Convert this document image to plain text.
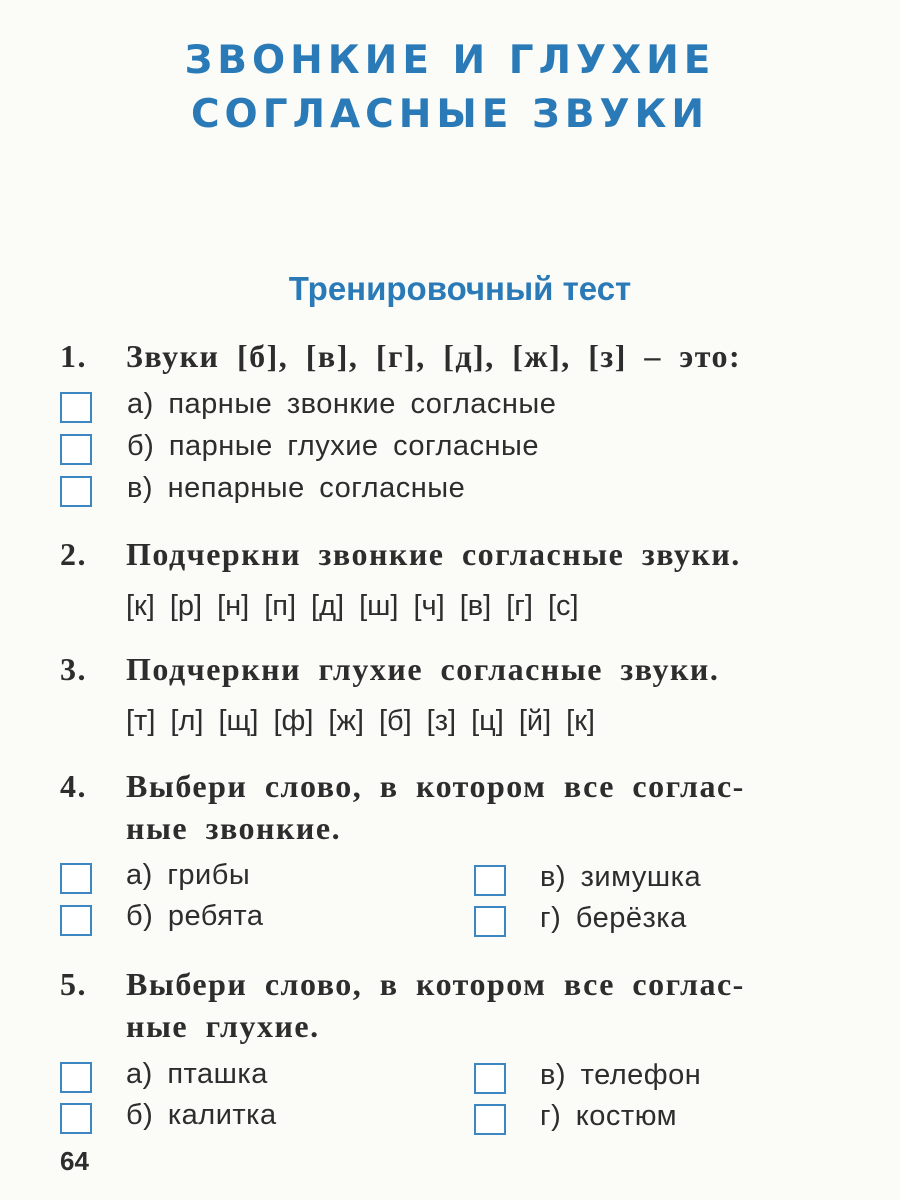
ЗВОНКИЕ И ГЛУХИЕ
СОГЛАСНЫЕ ЗВУКИ
Тренировочный тест
1. Звуки [б], [в], [г], [д], [ж], [з] – это:
а) парные звонкие согласные
б) парные глухие согласные
в) непарные согласные
2. Подчеркни звонкие согласные звуки.
[к] [р] [н] [п] [д] [ш] [ч] [в] [г] [с]
3. Подчеркни глухие согласные звуки.
[т] [л] [щ] [ф] [ж] [б] [з] [ц] [й] [к]
4. Выбери слово, в котором все соглас-
ные звонкие.
а) грибы
б) ребята
в) зимушка
г) берёзка
5. Выбери слово, в котором все соглас-
ные глухие.
а) пташка
б) калитка
в) телефон
г) костюм
64
